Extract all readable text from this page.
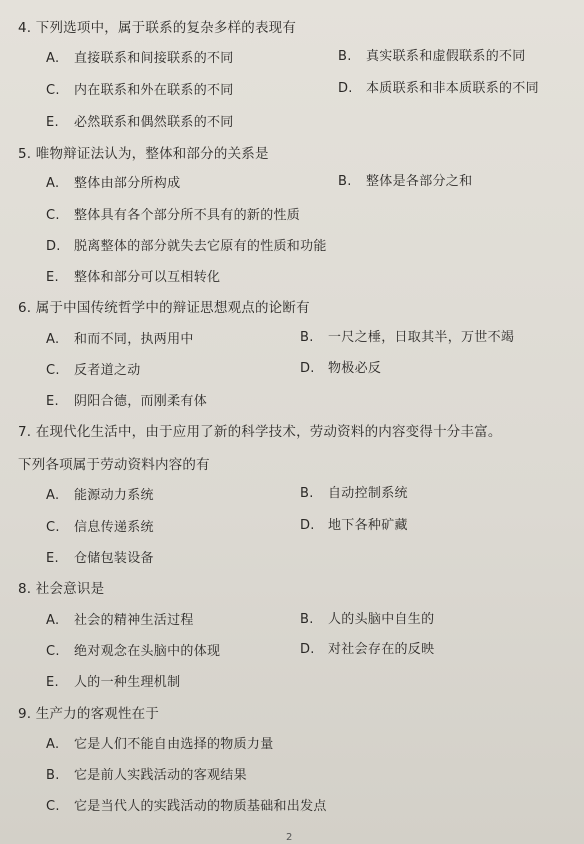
4. 下列选项中，属于联系的复杂多样的表现有
A. 直接联系和间接联系的不同	B. 真实联系和虚假联系的不同
C. 内在联系和外在联系的不同	D. 本质联系和非本质联系的不同
E. 必然联系和偶然联系的不同
5. 唯物辩证法认为，整体和部分的关系是
A. 整体由部分所构成	B. 整体是各部分之和
C. 整体具有各个部分所不具有的新的性质
D. 脱离整体的部分就失去它原有的性质和功能
E. 整体和部分可以互相转化
6. 属于中国传统哲学中的辩证思想观点的论断有
A. 和而不同，执两用中	B. 一尺之棰，日取其半，万世不竭
C. 反者道之动	D. 物极必反
E. 阴阳合德，而刚柔有体
7. 在现代化生活中，由于应用了新的科学技术，劳动资料的内容变得十分丰富。
下列各项属于劳动资料内容的有
A. 能源动力系统	B. 自动控制系统
C. 信息传递系统	D. 地下各种矿藏
E. 仓储包装设备
8. 社会意识是
A. 社会的精神生活过程	B. 人的头脑中自生的
C. 绝对观念在头脑中的体现	D. 对社会存在的反映
E. 人的一种生理机制
9. 生产力的客观性在于
A. 它是人们不能自由选择的物质力量
B. 它是前人实践活动的客观结果
C. 它是当代人的实践活动的物质基础和出发点
2
